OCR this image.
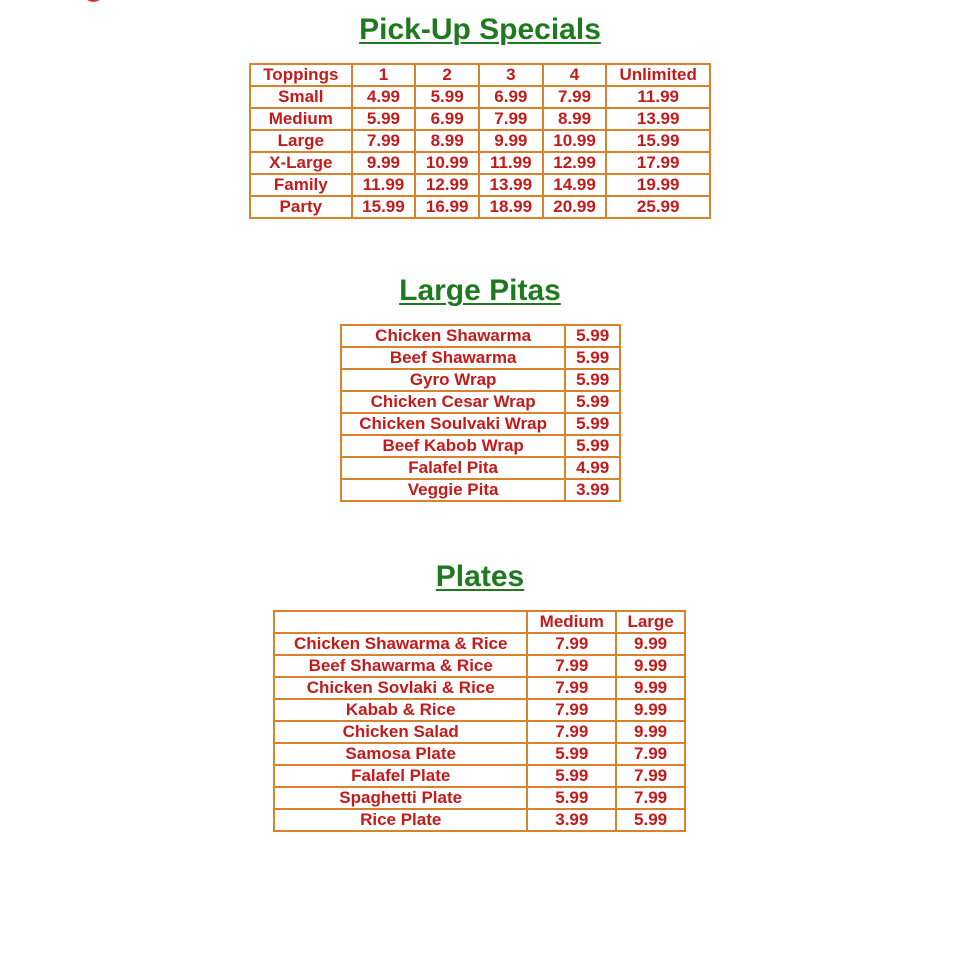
Pick-Up Specials
Toppings	1	2	3	4	Unlimited
Small	4.99	5.99	6.99	7.99	11.99
Medium	5.99	6.99	7.99	8.99	13.99
Large	7.99	8.99	9.99	10.99	15.99
X-Large	9.99	10.99	11.99	12.99	17.99
Family	11.99	12.99	13.99	14.99	19.99
Party	15.99	16.99	18.99	20.99	25.99
Large Pitas
Chicken Shawarma	5.99
Beef Shawarma	5.99
Gyro Wrap	5.99
Chicken Cesar Wrap	5.99
Chicken Soulvaki Wrap	5.99
Beef Kabob Wrap	5.99
Falafel Pita	4.99
Veggie Pita	3.99
Plates
	Medium	Large
Chicken Shawarma & Rice	7.99	9.99
Beef Shawarma & Rice	7.99	9.99
Chicken Sovlaki & Rice	7.99	9.99
Kabab & Rice	7.99	9.99
Chicken Salad	7.99	9.99
Samosa Plate	5.99	7.99
Falafel Plate	5.99	7.99
Spaghetti Plate	5.99	7.99
Rice Plate	3.99	5.99
